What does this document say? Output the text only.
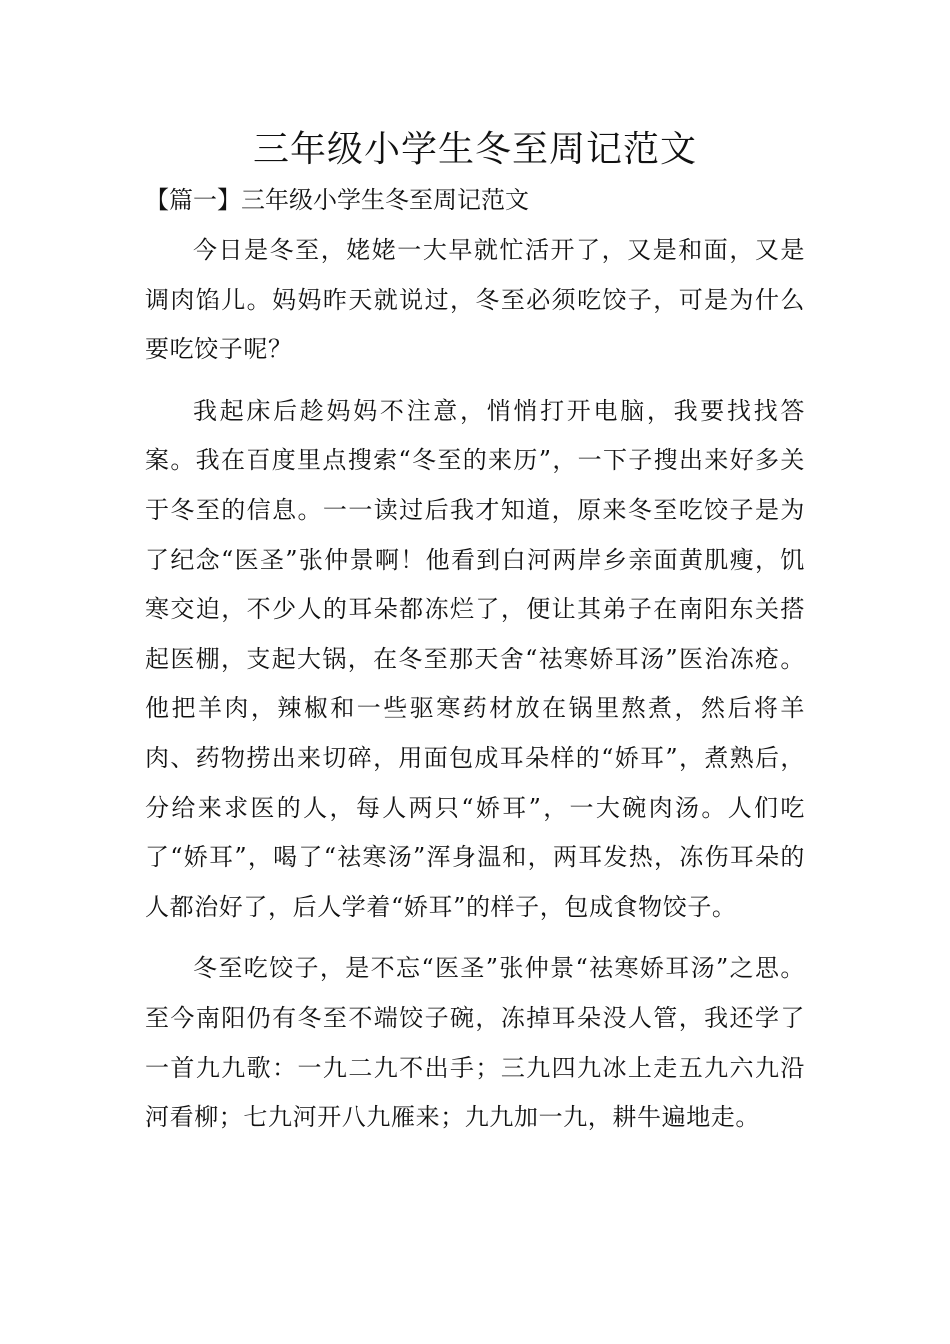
三年级小学生冬至周记范文
【篇一】三年级小学生冬至周记范文

今日是冬至，姥姥一大早就忙活开了，又是和面，又是调肉馅儿。妈妈昨天就说过，冬至必须吃饺子，可是为什么要吃饺子呢？

我起床后趁妈妈不注意，悄悄打开电脑，我要找找答案。我在百度里点搜索“冬至的来历”，一下子搜出来好多关于冬至的信息。一一读过后我才知道，原来冬至吃饺子是为了纪念“医圣”张仲景啊！他看到白河两岸乡亲面黄肌瘦，饥寒交迫，不少人的耳朵都冻烂了，便让其弟子在南阳东关搭起医棚，支起大锅，在冬至那天舍“祛寒娇耳汤”医治冻疮。他把羊肉，辣椒和一些驱寒药材放在锅里熬煮，然后将羊肉、药物捞出来切碎，用面包成耳朵样的“娇耳”，煮熟后，分给来求医的人，每人两只“娇耳”，一大碗肉汤。人们吃了“娇耳”，喝了“祛寒汤”浑身温和，两耳发热，冻伤耳朵的人都治好了，后人学着“娇耳”的样子，包成食物饺子。

冬至吃饺子，是不忘“医圣”张仲景“祛寒娇耳汤”之思。至今南阳仍有冬至不端饺子碗，冻掉耳朵没人管，我还学了一首九九歌：一九二九不出手；三九四九冰上走五九六九沿河看柳；七九河开八九雁来；九九加一九，耕牛遍地走。
